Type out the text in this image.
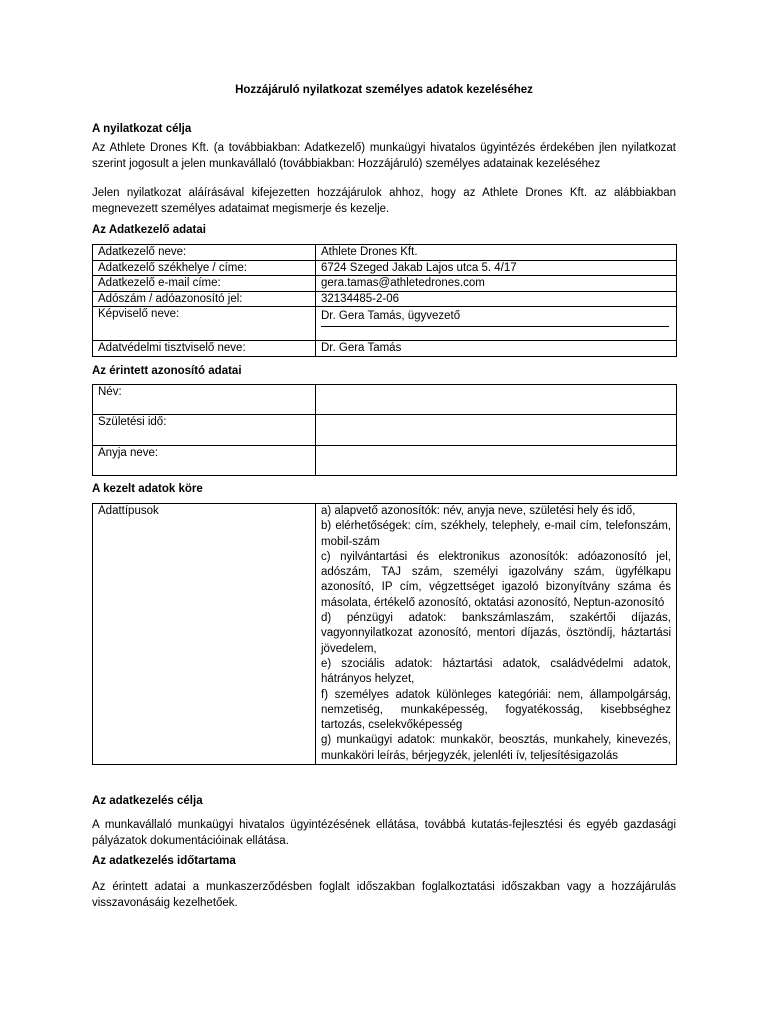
Hozzájáruló nyilatkozat személyes adatok kezeléséhez
A nyilatkozat célja
Az Athlete Drones Kft. (a továbbiakban: Adatkezelő) munkaügyi hivatalos ügyintézés érdekében jlen nyilatkozat szerint jogosult a jelen munkavállaló (továbbiakban: Hozzájáruló) személyes adatainak kezeléséhez
Jelen nyilatkozat aláírásával kifejezetten hozzájárulok ahhoz, hogy az Athlete Drones Kft. az alábbiakban megnevezett személyes adataimat megismerje és kezelje.
Az Adatkezelő adatai
Adatkezelő neve:	Athlete Drones Kft.
Adatkezelő székhelye / címe:	6724 Szeged Jakab Lajos utca 5. 4/17
Adatkezelő e-mail címe:	gera.tamas@athletedrones.com
Adószám / adóazonosító jel:	32134485-2-06
Képviselő neve:	Dr. Gera Tamás, ügyvezető
Adatvédelmi tisztviselő neve:	Dr. Gera Tamás
Az érintett azonosító adatai
Név:	
Születési idő:	
Anyja neve:	
A kezelt adatok köre
Adattípusok	a) alapvető azonosítók: név, anyja neve, születési hely és idő,
b) elérhetőségek: cím, székhely, telephely, e-mail cím, telefonszám, mobil-szám
c) nyilvántartási és elektronikus azonosítók: adóazonosító jel, adószám, TAJ szám, személyi igazolvány szám, ügyfélkapu azonosító, IP cím, végzettséget igazoló bizonyítvány száma és másolata, értékelő azonosító, oktatási azonosító, Neptun-azonosító
d) pénzügyi adatok: bankszámlaszám, szakértői díjazás, vagyonnyilatkozat azonosító, mentori díjazás, ösztöndíj, háztartási jövedelem,
e) szociális adatok: háztartási adatok, családvédelmi adatok, hátrányos helyzet,
f) személyes adatok különleges kategóriái: nem, állampolgárság, nemzetiség, munkaképesség, fogyatékosság, kisebbséghez tartozás, cselekvőképesség
g) munkaügyi adatok: munkakör, beosztás, munkahely, kinevezés, munkaköri leírás, bérjegyzék, jelenléti ív, teljesítésigazolás
Az adatkezelés célja
A munkavállaló munkaügyi hivatalos ügyintézésének ellátása, továbbá kutatás-fejlesztési és egyéb gazdasági pályázatok dokumentációinak ellátása.
Az adatkezelés időtartama
Az érintett adatai a munkaszerződésben foglalt időszakban foglalkoztatási időszakban vagy a hozzájárulás visszavonásáig kezelhetőek.
